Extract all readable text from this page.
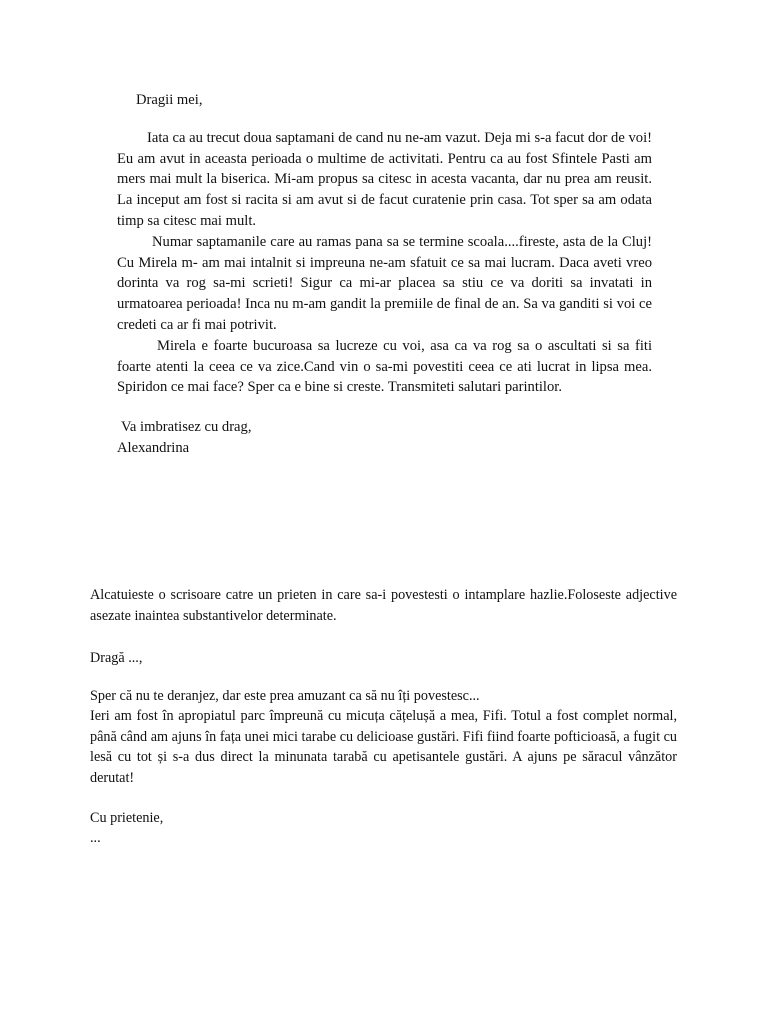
Dragii mei,

Iata ca au trecut doua saptamani de cand nu ne-am vazut. Deja mi s-a facut dor de voi! Eu am avut in aceasta perioada o multime de activitati. Pentru ca au fost Sfintele Pasti am mers mai mult la biserica. Mi-am propus sa citesc in acesta vacanta, dar nu prea am reusit. La inceput am fost si racita si am avut si de facut curatenie prin casa. Tot sper sa am odata timp sa citesc mai mult.

Numar saptamanile care au ramas pana sa se termine scoala....fireste, asta de la Cluj! Cu Mirela m- am mai intalnit si impreuna ne-am sfatuit ce sa mai lucram. Daca aveti vreo dorinta va rog sa-mi scrieti! Sigur ca mi-ar placea sa stiu ce va doriti sa invatati in urmatoarea perioada! Inca nu m-am gandit la premiile de final de an. Sa va ganditi si voi ce credeti ca ar fi mai potrivit.

Mirela e foarte bucuroasa sa lucreze cu voi, asa ca va rog sa o ascultati si sa fiti foarte atenti la ceea ce va zice.Cand vin o sa-mi povestiti ceea ce ati lucrat in lipsa mea. Spiridon ce mai face? Sper ca e bine si creste. Transmiteti salutari parintilor.

Va imbratisez cu drag,
Alexandrina
Alcatuieste o scrisoare catre un prieten in care sa-i povestesti o intamplare hazlie.Foloseste adjective asezate inaintea substantivelor determinate.
Dragă ...,
Sper că nu te deranjez, dar este prea amuzant ca să nu îți povestesc...
Ieri am fost în apropiatul parc împreună cu micuța cățelușă a mea, Fifi. Totul a fost complet normal, până când am ajuns în fața unei mici tarabe cu delicioase gustări. Fifi fiind foarte pofticioasă, a fugit cu lesă cu tot și s-a dus direct la minunata tarabă cu apetisantele gustări. A ajuns pe săracul vânzător derutat!
Cu prietenie,
...
